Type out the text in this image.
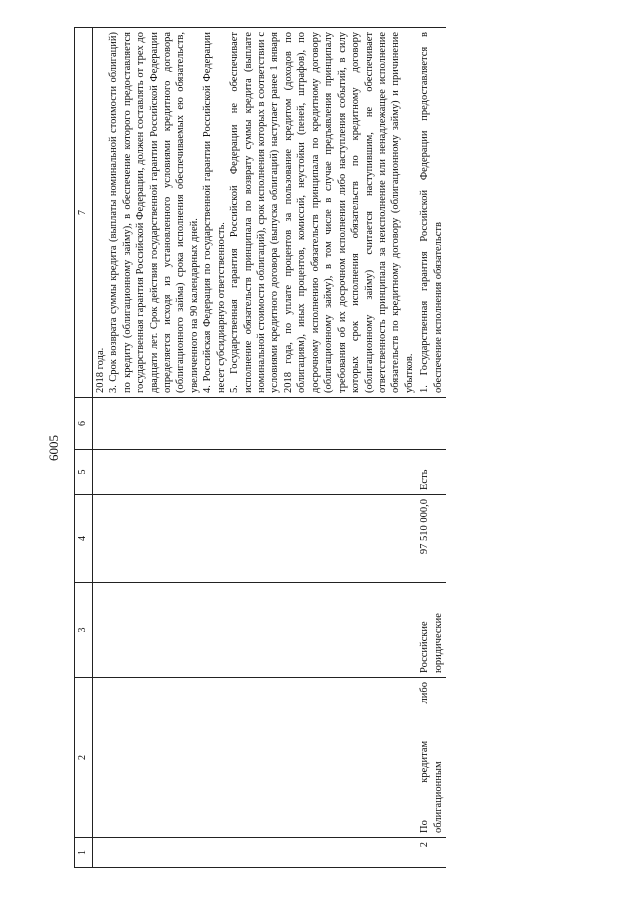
6005
1	2	3	4	5	6	7

						2018 года. 3. Срок возврата суммы кредита (выплаты номинальной стоимости облигаций) по кредиту (облигационному займу), в обеспечение которого предоставляется государственная гарантия Российской Федерации, должен составлять от трех до двадцати лет. Срок действия государственной гарантии Российской Федерации определяется исходя из установленного условиями кредитного договора (облигационного займа) срока исполнения обеспечиваемых ею обязательств, увеличенного на 90 календарных дней. 4. Российская Федерация по государственной гарантии Российской Федерации несет субсидиарную ответственность. 5. Государственная гарантия Российской Федерации не обеспечивает исполнение обязательств принципала по возврату суммы кредита (выплате номинальной стоимости облигаций), срок исполнения которых в соответствии с условиями кредитного договора (выпуска облигаций) наступает ранее 1 января 2018 года, по уплате процентов за пользование кредитом (доходов по облигациям), иных процентов, комиссий, неустойки (пеней, штрафов), по досрочному исполнению обязательств принципала по кредитному договору (облигационному займу), в том числе в случае предъявления принципалу требования об их досрочном исполнении либо наступления событий, в силу которых срок исполнения обязательств по кредитному договору (облигационному займу) считается наступившим, не обеспечивает ответственность принципала за неисполнение или ненадлежащее исполнение обязательств по кредитному договору (облигационному займу) и причинение убытков.

2	По кредитам либо облигационным	Российские юридические	97 510 000,0	Есть		1. Государственная гарантия Российской Федерации предоставляется в обеспечение исполнения обязательств
